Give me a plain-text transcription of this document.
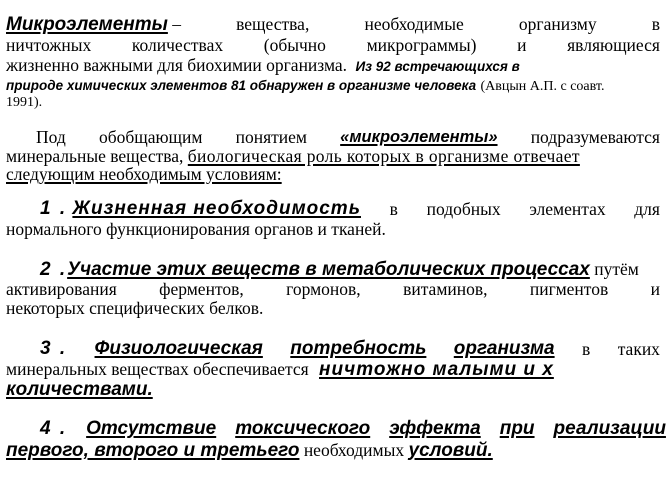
Микроэлементы –	вещества,	необходимые	организму	в
ничтожных количествах (обычно микрограммы) и являющиеся
жизненно важными для биохимии организма. Из 92 встречающихся в
природе химических элементов 81 обнаружен в организме человека (Авцын А.П. с соавт.
1991).
Под обобщающим понятием «микроэлементы» подразумеваются
минеральные вещества, биологическая роль которых в организме отвечает
следующим необходимым условиям:
1 . Жизненная необходимость в подобных элементах для
нормального функционирования органов и тканей.
2 .Участие этих веществ в метаболических процессах путём
активирования ферментов, гормонов, витаминов, пигментов и
некоторых специфических белков.
3 . Физиологическая потребность организма в таких
минеральных веществах обеспечивается ничтожно малыми и х
количествами.
4 . Отсутствие токсического эффекта при реализации
первого, второго и третьего необходимых условий.
